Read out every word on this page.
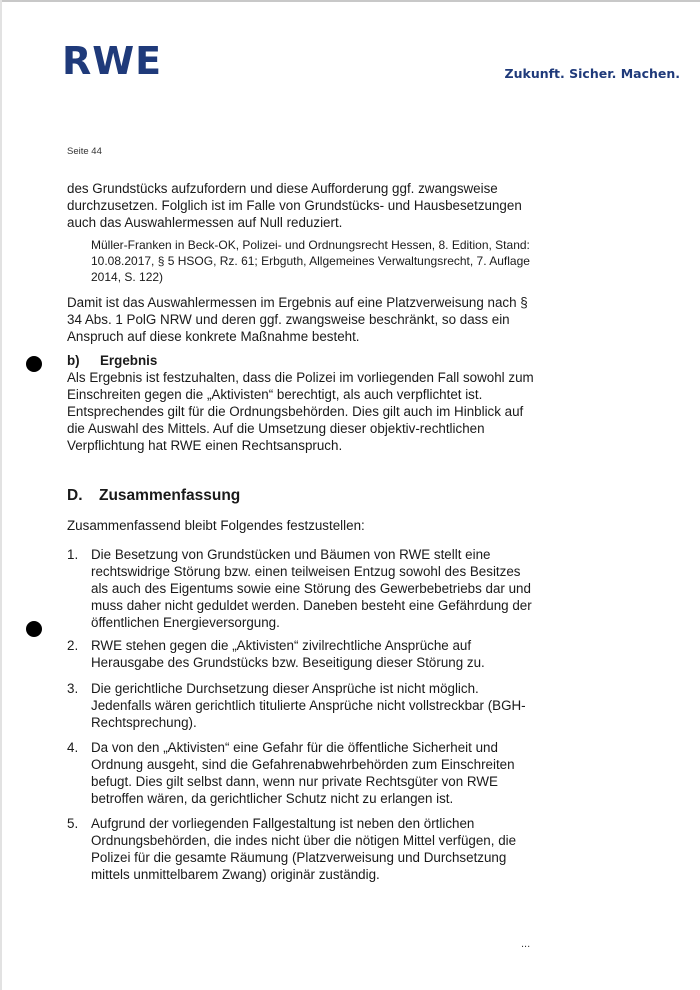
RWE	Zukunft. Sicher. Machen.
Seite 44

des Grundstücks aufzufordern und diese Aufforderung ggf. zwangsweise durchzusetzen. Folglich ist im Falle von Grundstücks- und Hausbesetzungen auch das Auswahlermessen auf Null reduziert.

Müller-Franken in Beck-OK, Polizei- und Ordnungsrecht Hessen, 8. Edition, Stand: 10.08.2017, § 5 HSOG, Rz. 61; Erbguth, Allgemeines Verwaltungsrecht, 7. Auflage 2014, S. 122)

Damit ist das Auswahlermessen im Ergebnis auf eine Platzverweisung nach § 34 Abs. 1 PolG NRW und deren ggf. zwangsweise beschränkt, so dass ein Anspruch auf diese konkrete Maßnahme besteht.

b) Ergebnis
Als Ergebnis ist festzuhalten, dass die Polizei im vorliegenden Fall sowohl zum Einschreiten gegen die „Aktivisten“ berechtigt, als auch verpflichtet ist. Entsprechendes gilt für die Ordnungsbehörden. Dies gilt auch im Hinblick auf die Auswahl des Mittels. Auf die Umsetzung dieser objektiv-rechtlichen Verpflichtung hat RWE einen Rechtsanspruch.
D. Zusammenfassung

Zusammenfassend bleibt Folgendes festzustellen:

1. Die Besetzung von Grundstücken und Bäumen von RWE stellt eine rechtswidrige Störung bzw. einen teilweisen Entzug sowohl des Besitzes als auch des Eigentums sowie eine Störung des Gewerbebetriebs dar und muss daher nicht geduldet werden. Daneben besteht eine Gefährdung der öffentlichen Energieversorgung.
2. RWE stehen gegen die „Aktivisten“ zivilrechtliche Ansprüche auf Herausgabe des Grundstücks bzw. Beseitigung dieser Störung zu.
3. Die gerichtliche Durchsetzung dieser Ansprüche ist nicht möglich. Jedenfalls wären gerichtlich titulierte Ansprüche nicht vollstreckbar (BGH-Rechtsprechung).
4. Da von den „Aktivisten“ eine Gefahr für die öffentliche Sicherheit und Ordnung ausgeht, sind die Gefahrenabwehrbehörden zum Einschreiten befugt. Dies gilt selbst dann, wenn nur private Rechtsgüter von RWE betroffen wären, da gerichtlicher Schutz nicht zu erlangen ist.
5. Aufgrund der vorliegenden Fallgestaltung ist neben den örtlichen Ordnungsbehörden, die indes nicht über die nötigen Mittel verfügen, die Polizei für die gesamte Räumung (Platzverweisung und Durchsetzung mittels unmittelbarem Zwang) originär zuständig.
...
